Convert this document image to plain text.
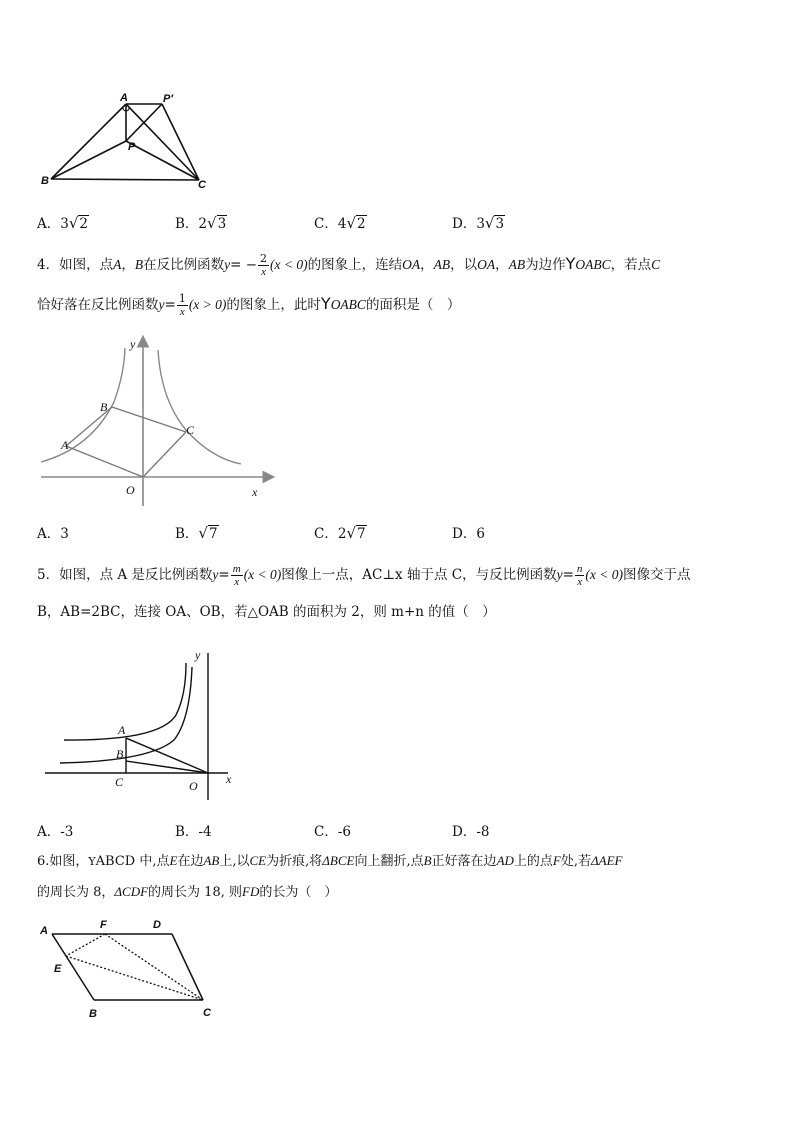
A	P′
P
B	C
A．3√2	B．2√3	C．4√2	D．3√3
4．如图，点A，B在反比例函数$y= - \frac{2}{x} (x < 0)$的图象上，连结OA，AB，以OA，AB为边作YOABC，若点C
恰好落在反比例函数$y= \frac{1}{x} (x > 0)$的图象上，此时YOABC的面积是（　）
y
B
C
A
O	x
A．3	B．√7	C．2√7	D．6
5．如图，点 A 是反比例函数$y= \frac{m}{x} (x < 0)$图像上一点，AC⊥x 轴于点 C，与反比例函数$y= \frac{n}{x} (x < 0)$图像交于点
B，AB=2BC，连接 OA、OB，若△OAB 的面积为 2，则 m+n 的值（　）
y
A
B
C	O x
A．-3	B．-4	C．-6	D．-8
6.如图，YABCD 中,点E在边AB上,以CE为折痕,将ΔBCE向上翻折,点B正好落在边AD上的点F处,若ΔAEF
的周长为 8，ΔCDF的周长为 18, 则FD的长为（　）
A	F	D
E
B	C
